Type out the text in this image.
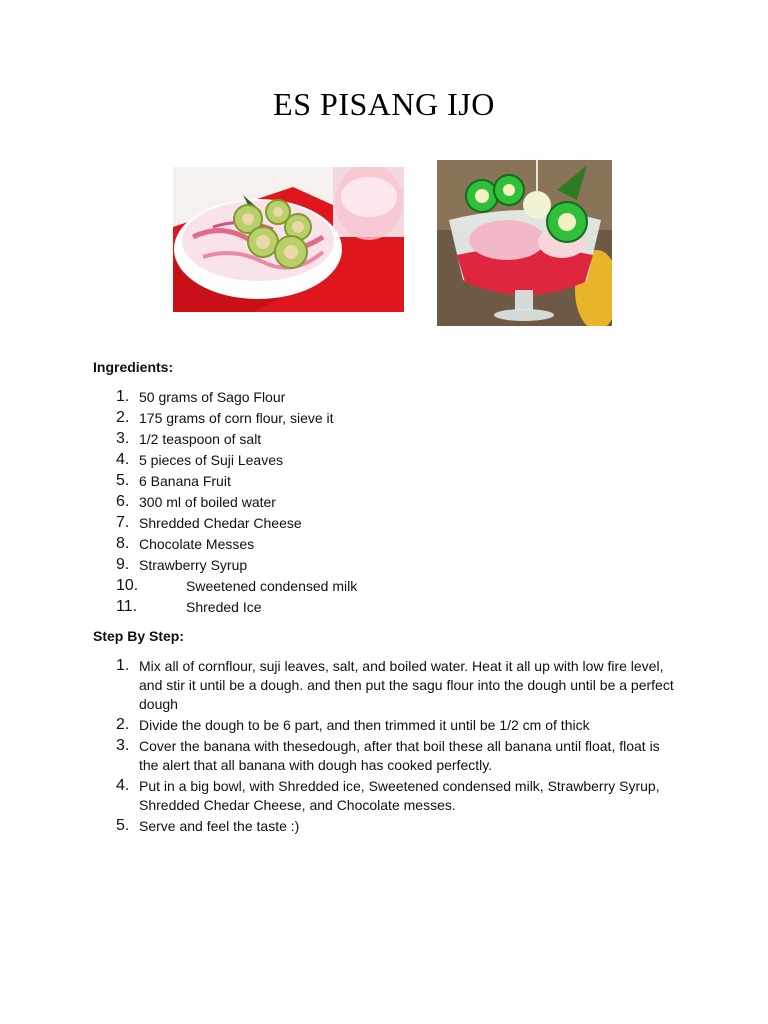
ES PISANG IJO
Ingredients:
1. 50 grams of Sago Flour
2. 175 grams of corn flour, sieve it
3. 1/2 teaspoon of salt
4. 5 pieces of Suji Leaves
5. 6 Banana Fruit
6. 300 ml of boiled water
7. Shredded Chedar Cheese
8. Chocolate Messes
9. Strawberry Syrup
10.	Sweetened condensed milk
11.	Shreded Ice
Step By Step:
1. Mix all of cornflour, suji leaves, salt, and boiled water. Heat it all up with low fire level, and stir it until be a dough. and then put the sagu flour into the dough until be a perfect dough
2. Divide the dough to be 6 part, and then trimmed it until be 1/2 cm of thick
3. Cover the banana with thesedough, after that boil these all banana until float, float is the alert that all banana with dough has cooked perfectly.
4. Put in a big bowl, with Shredded ice, Sweetened condensed milk, Strawberry Syrup, Shredded Chedar Cheese, and Chocolate messes.
5. Serve and feel the taste :)
